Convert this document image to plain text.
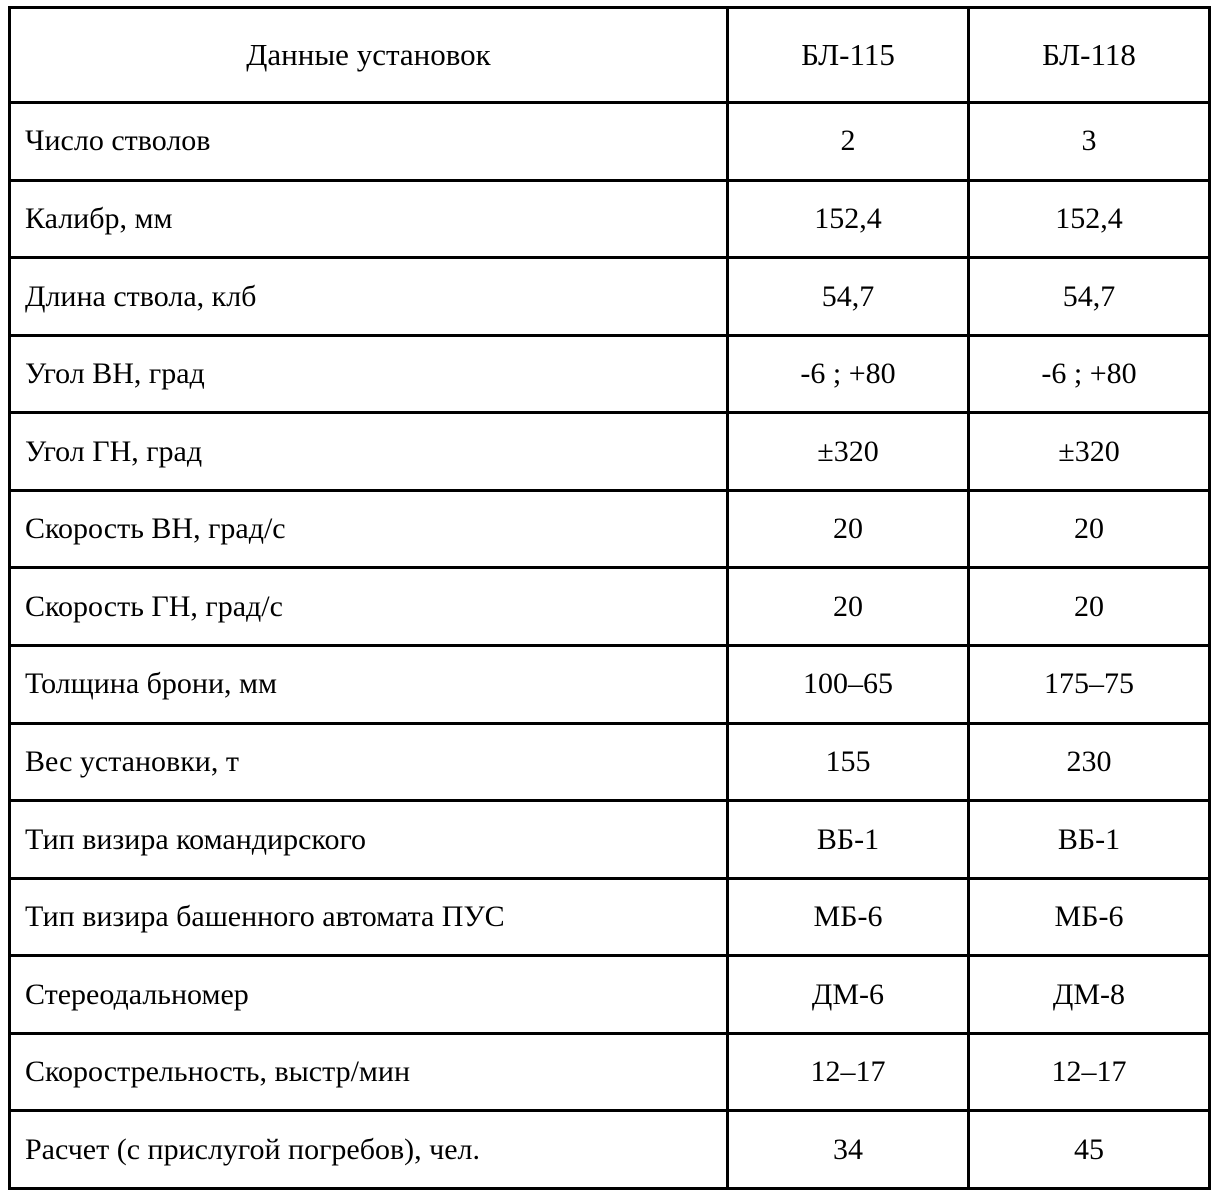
Данные установок	БЛ-115	БЛ-118
Число стволов	2	3
Калибр, мм	152,4	152,4
Длина ствола, клб	54,7	54,7
Угол ВН, град	-6 ; +80	-6 ; +80
Угол ГН, град	±320	±320
Скорость ВН, град/с	20	20
Скорость ГН, град/с	20	20
Толщина брони, мм	100–65	175–75
Вес установки, т	155	230
Тип визира командирского	ВБ-1	ВБ-1
Тип визира башенного автомата ПУС	МБ-6	МБ-6
Стереодальномер	ДМ-6	ДМ-8
Скорострельность, выстр/мин	12–17	12–17
Расчет (с прислугой погребов), чел.	34	45
